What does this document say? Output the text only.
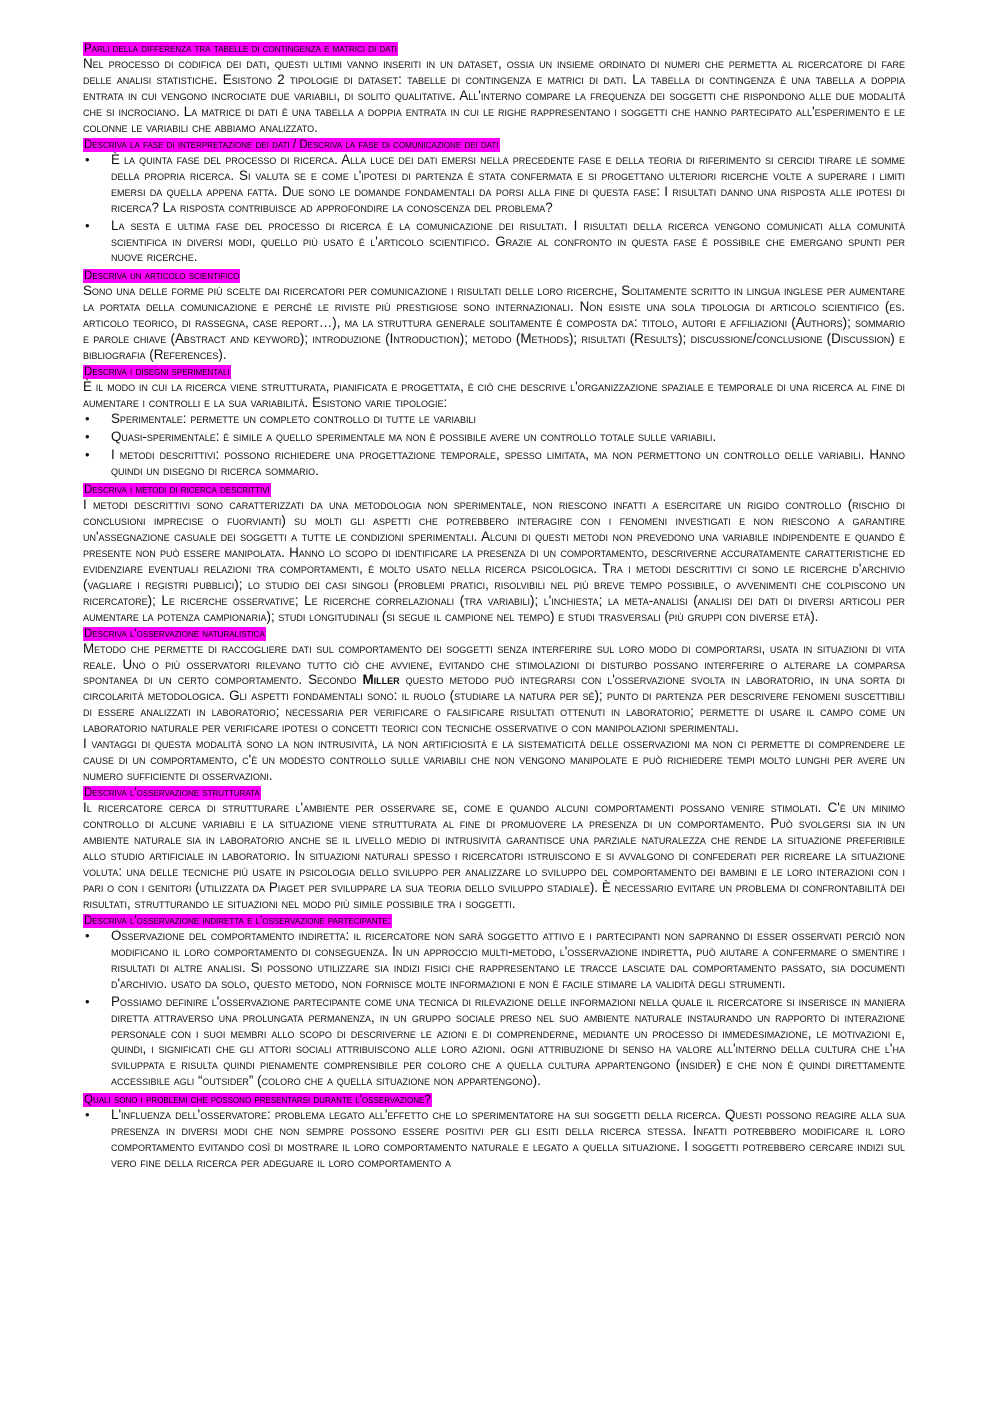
Parli della differenza tra tabelle di contingenza e matrici di dati

Nel processo di codifica dei dati, questi ultimi vanno inseriti in un dataset, ossia un insieme ordinato di numeri che permetta al ricercatore di fare delle analisi statistiche. Esistono 2 tipologie di dataset: tabelle di contingenza e matrici di dati. La tabella di contingenza è una tabella a doppia entrata in cui vengono incrociate due variabili, di solito qualitative. All'interno compare la frequenza dei soggetti che rispondono alle due modalità che si incrociano. La matrice di dati è una tabella a doppia entrata in cui le righe rappresentano i soggetti che hanno partecipato all'esperimento e le colonne le variabili che abbiamo analizzato.

Descriva la fase di interpretazione dei dati / Descriva la fase di comunicazione dei dati
• È la quinta fase del processo di ricerca. Alla luce dei dati emersi nella precedente fase e della teoria di riferimento si cercidi tirare le somme della propria ricerca. Si valuta se e come l'ipotesi di partenza è stata confermata e si progettano ulteriori ricerche volte a superare i limiti emersi da quella appena fatta. Due sono le domande fondamentali da porsi alla fine di questa fase: I risultati danno una risposta alle ipotesi di ricerca? La risposta contribuisce ad approfondire la conoscenza del problema?
• La sesta e ultima fase del processo di ricerca è la comunicazione dei risultati. I risultati della ricerca vengono comunicati alla comunità scientifica in diversi modi, quello più usato è l'articolo scientifico. Grazie al confronto in questa fase è possibile che emergano spunti per nuove ricerche.
Descriva un articolo scientifico

Sono una delle forme più scelte dai ricercatori per comunicazione i risultati delle loro ricerche, Solitamente scritto in lingua inglese per aumentare la portata della comunicazione e perché le riviste più prestigiose sono internazionali. Non esiste una sola tipologia di articolo scientifico (es. articolo teorico, di rassegna, case report…), ma la struttura generale solitamente è composta da: titolo, autori e affiliazioni (Authors); sommario e parole chiave (Abstract and keyword); introduzione (Introduction); metodo (Methods); risultati (Results); discussione/conclusione (Discussion) e bibliografia (References).

Descriva i disegni sperimentali

È il modo in cui la ricerca viene strutturata, pianificata e progettata, è ciò che descrive l'organizzazione spaziale e temporale di una ricerca al fine di aumentare i controlli e la sua variabilità. Esistono varie tipologie:

• Sperimentale: permette un completo controllo di tutte le variabili
• Quasi-sperimentale: è simile a quello sperimentale ma non è possibile avere un controllo totale sulle variabili.
• I metodi descrittivi: possono richiedere una progettazione temporale, spesso limitata, ma non permettono un controllo delle variabili. Hanno quindi un disegno di ricerca sommario.
Descriva i metodi di ricerca descrittivi

I metodi descrittivi sono caratterizzati da una metodologia non sperimentale, non riescono infatti a esercitare un rigido controllo (rischio di conclusioni imprecise o fuorvianti) su molti gli aspetti che potrebbero interagire con i fenomeni investigati e non riescono a garantire un'assegnazione casuale dei soggetti a tutte le condizioni sperimentali. Alcuni di questi metodi non prevedono una variabile indipendente e quando è presente non può essere manipolata. Hanno lo scopo di identificare la presenza di un comportamento, descriverne accuratamente caratteristiche ed evidenziare eventuali relazioni tra comportamenti, è molto usato nella ricerca psicologica. Tra i metodi descrittivi ci sono le ricerche d'archivio (vagliare i registri pubblici); lo studio dei casi singoli (problemi pratici, risolvibili nel più breve tempo possibile, o avvenimenti che colpiscono un ricercatore); Le ricerche osservative; Le ricerche correlazionali (tra variabili); l'inchiesta; la meta-analisi (analisi dei dati di diversi articoli per aumentare la potenza campionaria); studi longitudinali (si segue il campione nel tempo) e studi trasversali (più gruppi con diverse età).

Descriva l'osservazione naturalistica

Metodo che permette di raccogliere dati sul comportamento dei soggetti senza interferire sul loro modo di comportarsi, usata in situazioni di vita reale. Uno o più osservatori rilevano tutto ciò che avviene, evitando che stimolazioni di disturbo possano interferire o alterare la comparsa spontanea di un certo comportamento. Secondo Miller questo metodo può integrarsi con l'osservazione svolta in laboratorio, in una sorta di circolarità metodologica. Gli aspetti fondamentali sono: il ruolo (studiare la natura per sé); punto di partenza per descrivere fenomeni suscettibili di essere analizzati in laboratorio; necessaria per verificare o falsificare risultati ottenuti in laboratorio; permette di usare il campo come un laboratorio naturale per verificare ipotesi o concetti teorici con tecniche osservative o con manipolazioni sperimentali.

I vantaggi di questa modalità sono la non intrusività, la non artificiosità e la sistematicità delle osservazioni ma non ci permette di comprendere le cause di un comportamento, c'è un modesto controllo sulle variabili che non vengono manipolate e può richiedere tempi molto lunghi per avere un numero sufficiente di osservazioni.

Descriva l'osservazione strutturata

Il ricercatore cerca di strutturare l'ambiente per osservare se, come e quando alcuni comportamenti possano venire stimolati. C'è un minimo controllo di alcune variabili e la situazione viene strutturata al fine di promuovere la presenza di un comportamento. Può svolgersi sia in un ambiente naturale sia in laboratorio anche se il livello medio di intrusività garantisce una parziale naturalezza che rende la situazione preferibile allo studio artificiale in laboratorio. In situazioni naturali spesso i ricercatori istruiscono e si avvalgono di confederati per ricreare la situazione voluta: una delle tecniche più usate in psicologia dello sviluppo per analizzare lo sviluppo del comportamento dei bambini e le loro interazioni con i pari o con i genitori (utilizzata da Piaget per sviluppare la sua teoria dello sviluppo stadiale). È necessario evitare un problema di confrontabilità dei risultati, strutturando le situazioni nel modo più simile possibile tra i soggetti.

Descriva l'osservazione indiretta e l'osservazione partecipante:
• Osservazione del comportamento indiretta: il ricercatore non sarà soggetto attivo e i partecipanti non sapranno di esser osservati perciò non modificano il loro comportamento di conseguenza. In un approccio multi-metodo, l'osservazione indiretta, può aiutare a confermare o smentire i risultati di altre analisi. Si possono utilizzare sia indizi fisici che rappresentano le tracce lasciate dal comportamento passato, sia documenti d'archivio. usato da solo, questo metodo, non fornisce molte informazioni e non è facile stimare la validità degli strumenti.
• Possiamo definire l'osservazione partecipante come una tecnica di rilevazione delle informazioni nella quale il ricercatore si inserisce in maniera diretta attraverso una prolungata permanenza, in un gruppo sociale preso nel suo ambiente naturale instaurando un rapporto di interazione personale con i suoi membri allo scopo di descriverne le azioni e di comprenderne, mediante un processo di immedesimazione, le motivazioni e, quindi, i significati che gli attori sociali attribuiscono alle loro azioni. ogni attribuzione di senso ha valore all'interno della cultura che l'ha sviluppata e risulta quindi pienamente comprensibile per coloro che a quella cultura appartengono (insider) e che non è quindi direttamente accessibile agli “outsider” (coloro che a quella situazione non appartengono).
Quali sono i problemi che possono presentarsi durante l'osservazione?
• L'influenza dell'osservatore: problema legato all'effetto che lo sperimentatore ha sui soggetti della ricerca. Questi possono reagire alla sua presenza in diversi modi che non sempre possono essere positivi per gli esiti della ricerca stessa. Infatti potrebbero modificare il loro comportamento evitando così di mostrare il loro comportamento naturale e legato a quella situazione. I soggetti potrebbero cercare indizi sul vero fine della ricerca per adeguare il loro comportamento a
